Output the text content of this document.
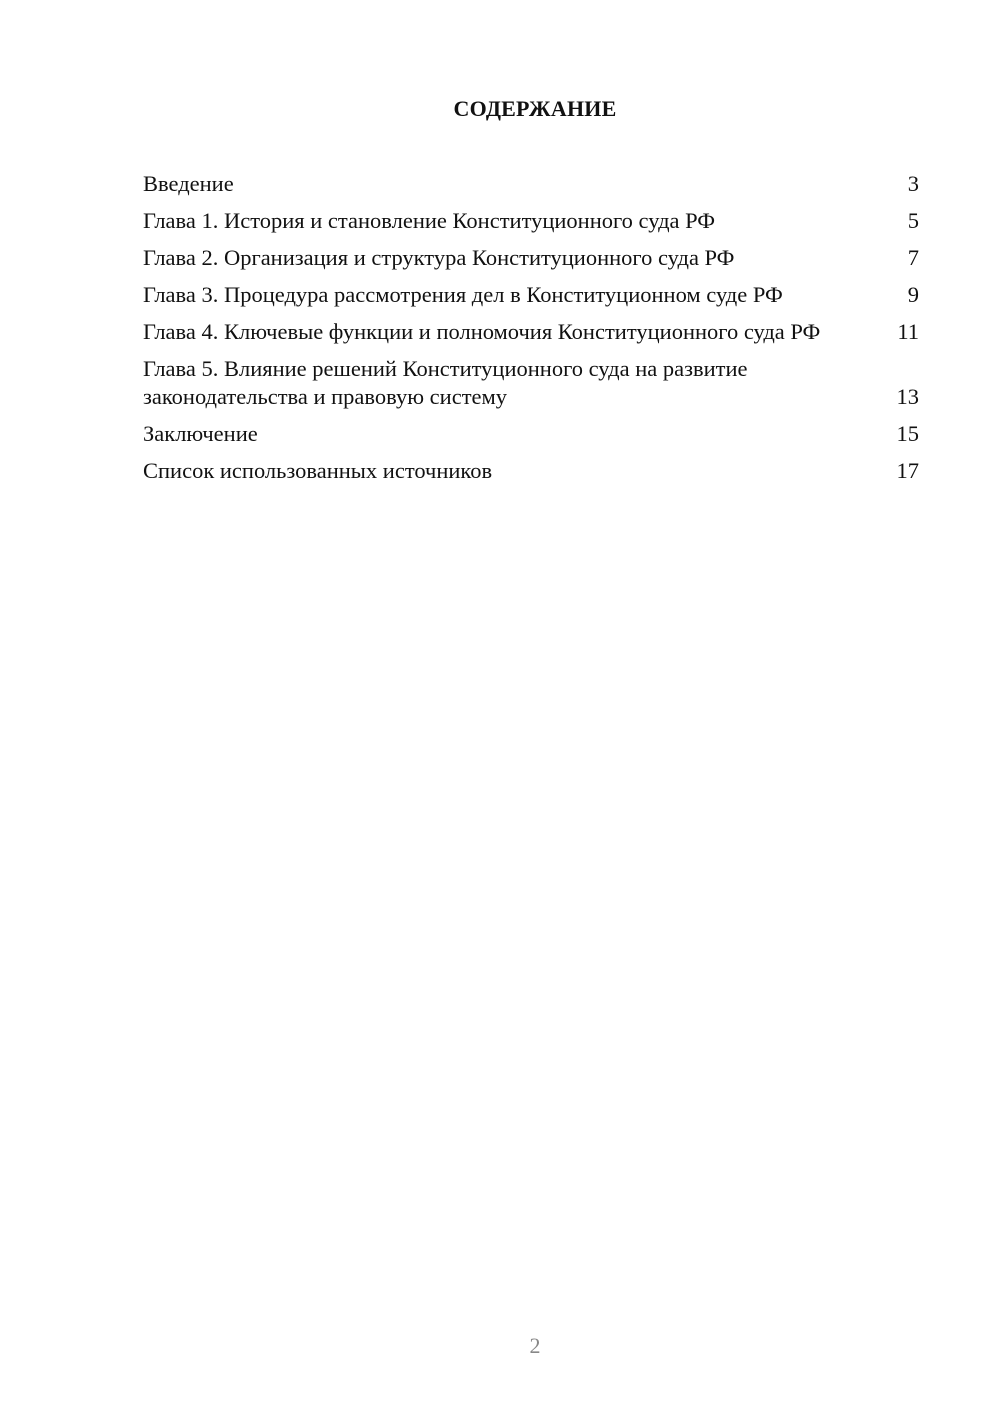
СОДЕРЖАНИЕ
Введение	3
Глава 1. История и становление Конституционного суда РФ	5
Глава 2. Организация и структура Конституционного суда РФ	7
Глава 3. Процедура рассмотрения дел в Конституционном суде РФ	9
Глава 4. Ключевые функции и полномочия Конституционного суда РФ	11
Глава 5. Влияние решений Конституционного суда на развитие законодательства и правовую систему	13
Заключение	15
Список использованных источников	17
2
